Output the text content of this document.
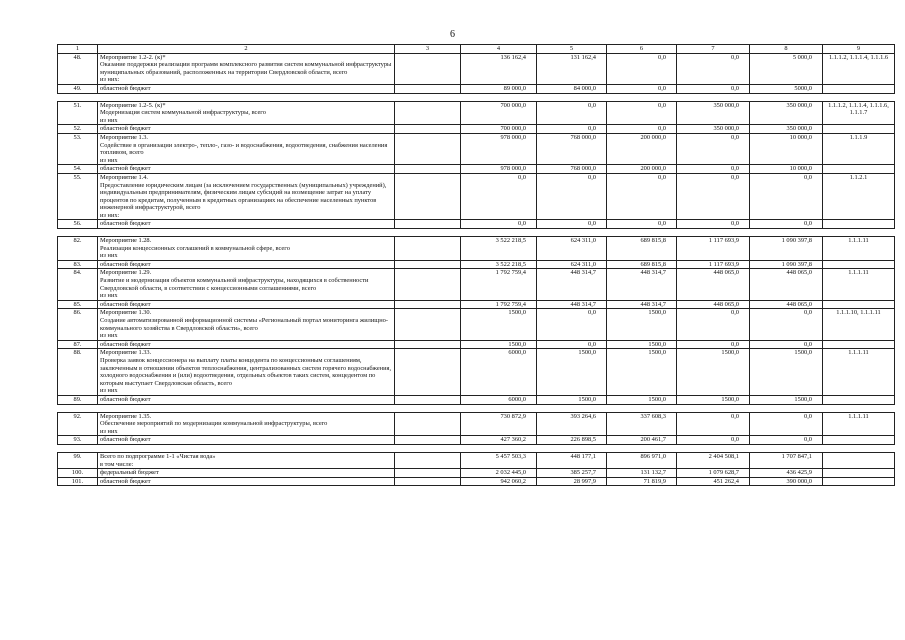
6
1	2	3	4	5	6	7	8	9
48.	Мероприятие 1.2-2. (к)*
Оказание поддержки реализации программ комплексного развития систем коммунальной инфраструктуры муниципальных образований, расположенных на территории Свердловской области, всего
из них:		136 162,4	131 162,4	0,0	0,0	5 000,0	1.1.1.2, 1.1.1.4, 1.1.1.6
49.	областной бюджет		89 000,0	84 000,0	0,0	0,0	5000,0	

51.	Мероприятие 1.2-5. (к)*
Модернизация систем коммунальной инфраструктуры, всего
из них		700 000,0	0,0	0,0	350 000,0	350 000,0	1.1.1.2, 1.1.1.4, 1.1.1.6, 1.1.1.7
52.	областной бюджет		700 000,0	0,0	0,0	350 000,0	350 000,0	
53.	Мероприятие 1.3.
Содействие в организации электро-, тепло-, газо- и водоснабжения, водоотведения, снабжения населения топливом, всего
из них		978 000,0	768 000,0	200 000,0	0,0	10 000,0	1.1.1.9
54.	областной бюджет		978 000,0	768 000,0	200 000,0	0,0	10 000,0	
55.	Мероприятие 1.4.
Предоставление юридическим лицам (за исключением государственных (муниципальных) учреждений), индивидуальным предпринимателям, физическим лицам субсидий на возмещение затрат на уплату процентов по кредитам, полученным в кредитных организациях на обеспечение населенных пунктов инженерной инфраструктурой, всего
из них:		0,0	0,0	0,0	0,0	0,0	1.1.2.1
56.	областной бюджет		0,0	0,0	0,0	0,0	0,0	

82.	Мероприятие 1.28.
Реализация концессионных соглашений в коммунальной сфере, всего
из них		3 522 218,5	624 311,0	689 815,8	1 117 693,9	1 090 397,8	1.1.1.11
83.	областной бюджет		3 522 218,5	624 311,0	689 815,8	1 117 693,9	1 090 397,8	
84.	Мероприятие 1.29.
Развитие и модернизация объектов коммунальной инфраструктуры, находящихся в собственности Свердловской области, в соответствии с концессионными соглашениями, всего
из них		1 792 759,4	448 314,7	448 314,7	448 065,0	448 065,0	1.1.1.11
85.	областной бюджет		1 792 759,4	448 314,7	448 314,7	448 065,0	448 065,0	
86.	Мероприятие 1.30.
Создание автоматизированной информационной системы «Региональный портал мониторинга жилищно-коммунального хозяйства в Свердловской области», всего
из них		1500,0	0,0	1500,0	0,0	0,0	1.1.1.10, 1.1.1.11
87.	областной бюджет		1500,0	0,0	1500,0	0,0	0,0	
88.	Мероприятие 1.33.
Проверка заявок концессионера на выплату платы концедента по концессионным соглашениям, заключенным в отношении объектов теплоснабжения, централизованных систем горячего водоснабжения, холодного водоснабжения и (или) водоотведения, отдельных объектов таких систем, концедентом по которым выступает Свердловская область, всего
из них		6000,0	1500,0	1500,0	1500,0	1500,0	1.1.1.11
89.	областной бюджет		6000,0	1500,0	1500,0	1500,0	1500,0	

92.	Мероприятие 1.35.
Обеспечение мероприятий по модернизации коммунальной инфраструктуры, всего
из них		730 872,9	393 264,6	337 608,3	0,0	0,0	1.1.1.11
93.	областной бюджет		427 360,2	226 898,5	200 461,7	0,0	0,0	

99.	Всего по подпрограмме 1-1 «Чистая вода»
в том числе:		5 457 503,3	448 177,1	896 971,0	2 404 508,1	1 707 847,1	
100.	федеральный бюджет		2 032 445,0	385 257,7	131 132,7	1 079 628,7	436 425,9	
101.	областной бюджет		942 060,2	28 997,9	71 819,9	451 262,4	390 000,0	
